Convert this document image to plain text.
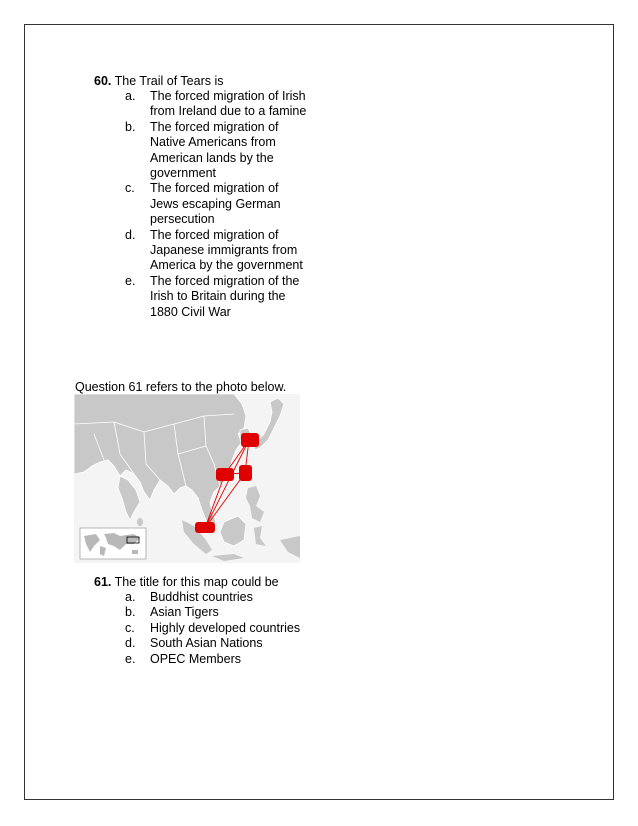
60. The Trail of Tears is
a. The forced migration of Irish from Ireland due to a famine
b. The forced migration of Native Americans from American lands by the government
c. The forced migration of Jews escaping German persecution
d. The forced migration of Japanese immigrants from America by the government
e. The forced migration of the Irish to Britain during the 1880 Civil War
Question 61 refers to the photo below.
61. The title for this map could be
a. Buddhist countries
b. Asian Tigers
c. Highly developed countries
d. South Asian Nations
e. OPEC Members
